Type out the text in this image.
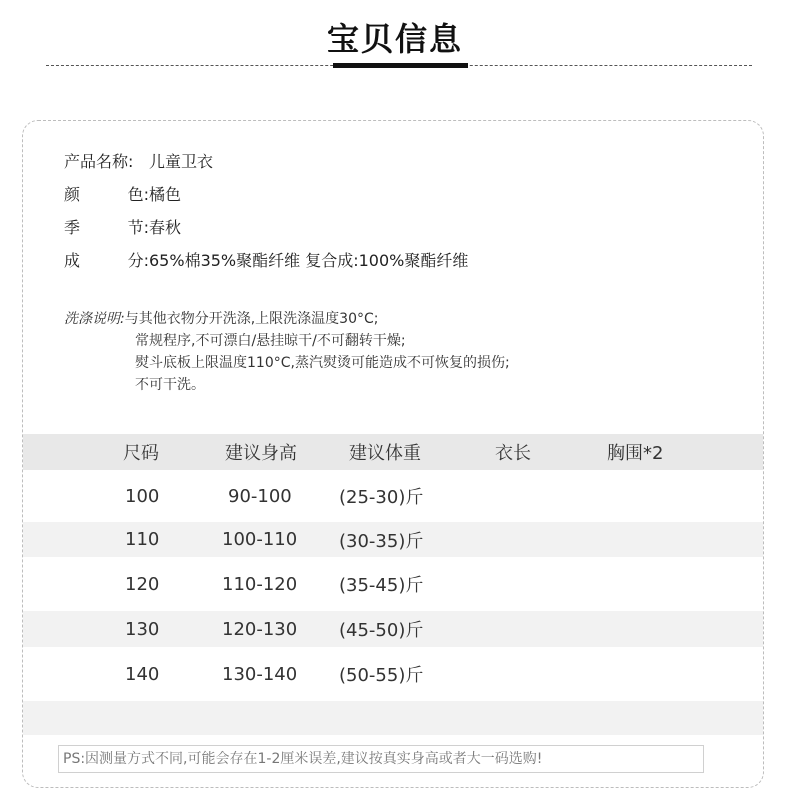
宝贝信息
产品名称: 儿童卫衣
颜	色: 橘色
季	节: 春秋
成	分: 65%棉35%聚酯纤维 复合成:100%聚酯纤维
洗涤说明:与其他衣物分开洗涤,上限洗涤温度30°C;
常规程序,不可漂白/悬挂晾干/不可翻转干燥;
熨斗底板上限温度110°C,蒸汽熨烫可能造成不可恢复的损伤;
不可干洗。
尺码	建议身高	建议体重	衣长	胸围*2
100	90-100	(25-30)斤
110	100-110 (30-35)斤
120	110-120 (35-45)斤
130	120-130 (45-50)斤
140	130-140 (50-55)斤
PS:因测量方式不同,可能会存在1-2厘米误差,建议按真实身高或者大一码选购!
